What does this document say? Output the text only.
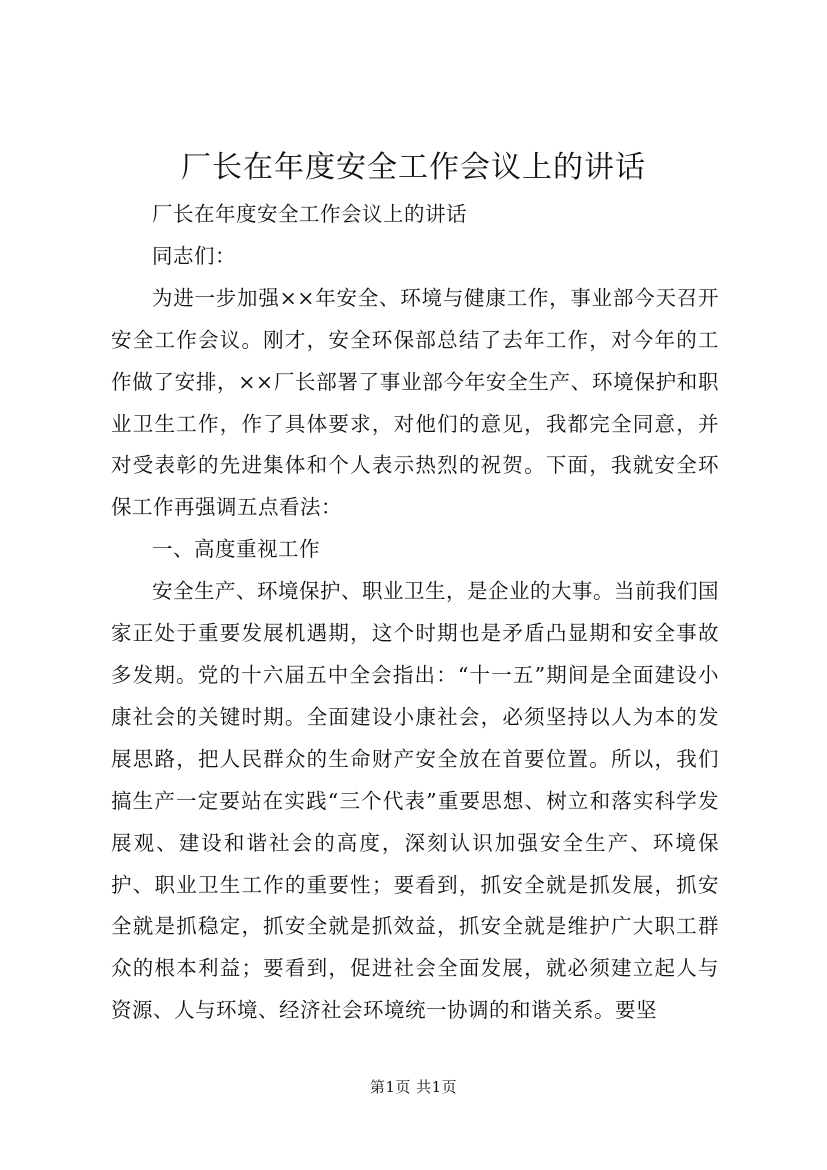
厂长在年度安全工作会议上的讲话

厂长在年度安全工作会议上的讲话

同志们：

为进一步加强××年安全、环境与健康工作，事业部今天召开安全工作会议。刚才，安全环保部总结了去年工作，对今年的工作做了安排，××厂长部署了事业部今年安全生产、环境保护和职业卫生工作，作了具体要求，对他们的意见，我都完全同意，并对受表彰的先进集体和个人表示热烈的祝贺。下面，我就安全环保工作再强调五点看法：

一、高度重视工作

安全生产、环境保护、职业卫生，是企业的大事。当前我们国家正处于重要发展机遇期，这个时期也是矛盾凸显期和安全事故多发期。党的十六届五中全会指出：“十一五”期间是全面建设小康社会的关键时期。全面建设小康社会，必须坚持以人为本的发展思路，把人民群众的生命财产安全放在首要位置。所以，我们搞生产一定要站在实践“三个代表”重要思想、树立和落实科学发展观、建设和谐社会的高度，深刻认识加强安全生产、环境保护、职业卫生工作的重要性；要看到，抓安全就是抓发展，抓安全就是抓稳定，抓安全就是抓效益，抓安全就是维护广大职工群众的根本利益；要看到，促进社会全面发展，就必须建立起人与资源、人与环境、经济社会环境统一协调的和谐关系。要坚

第1页 共1页
